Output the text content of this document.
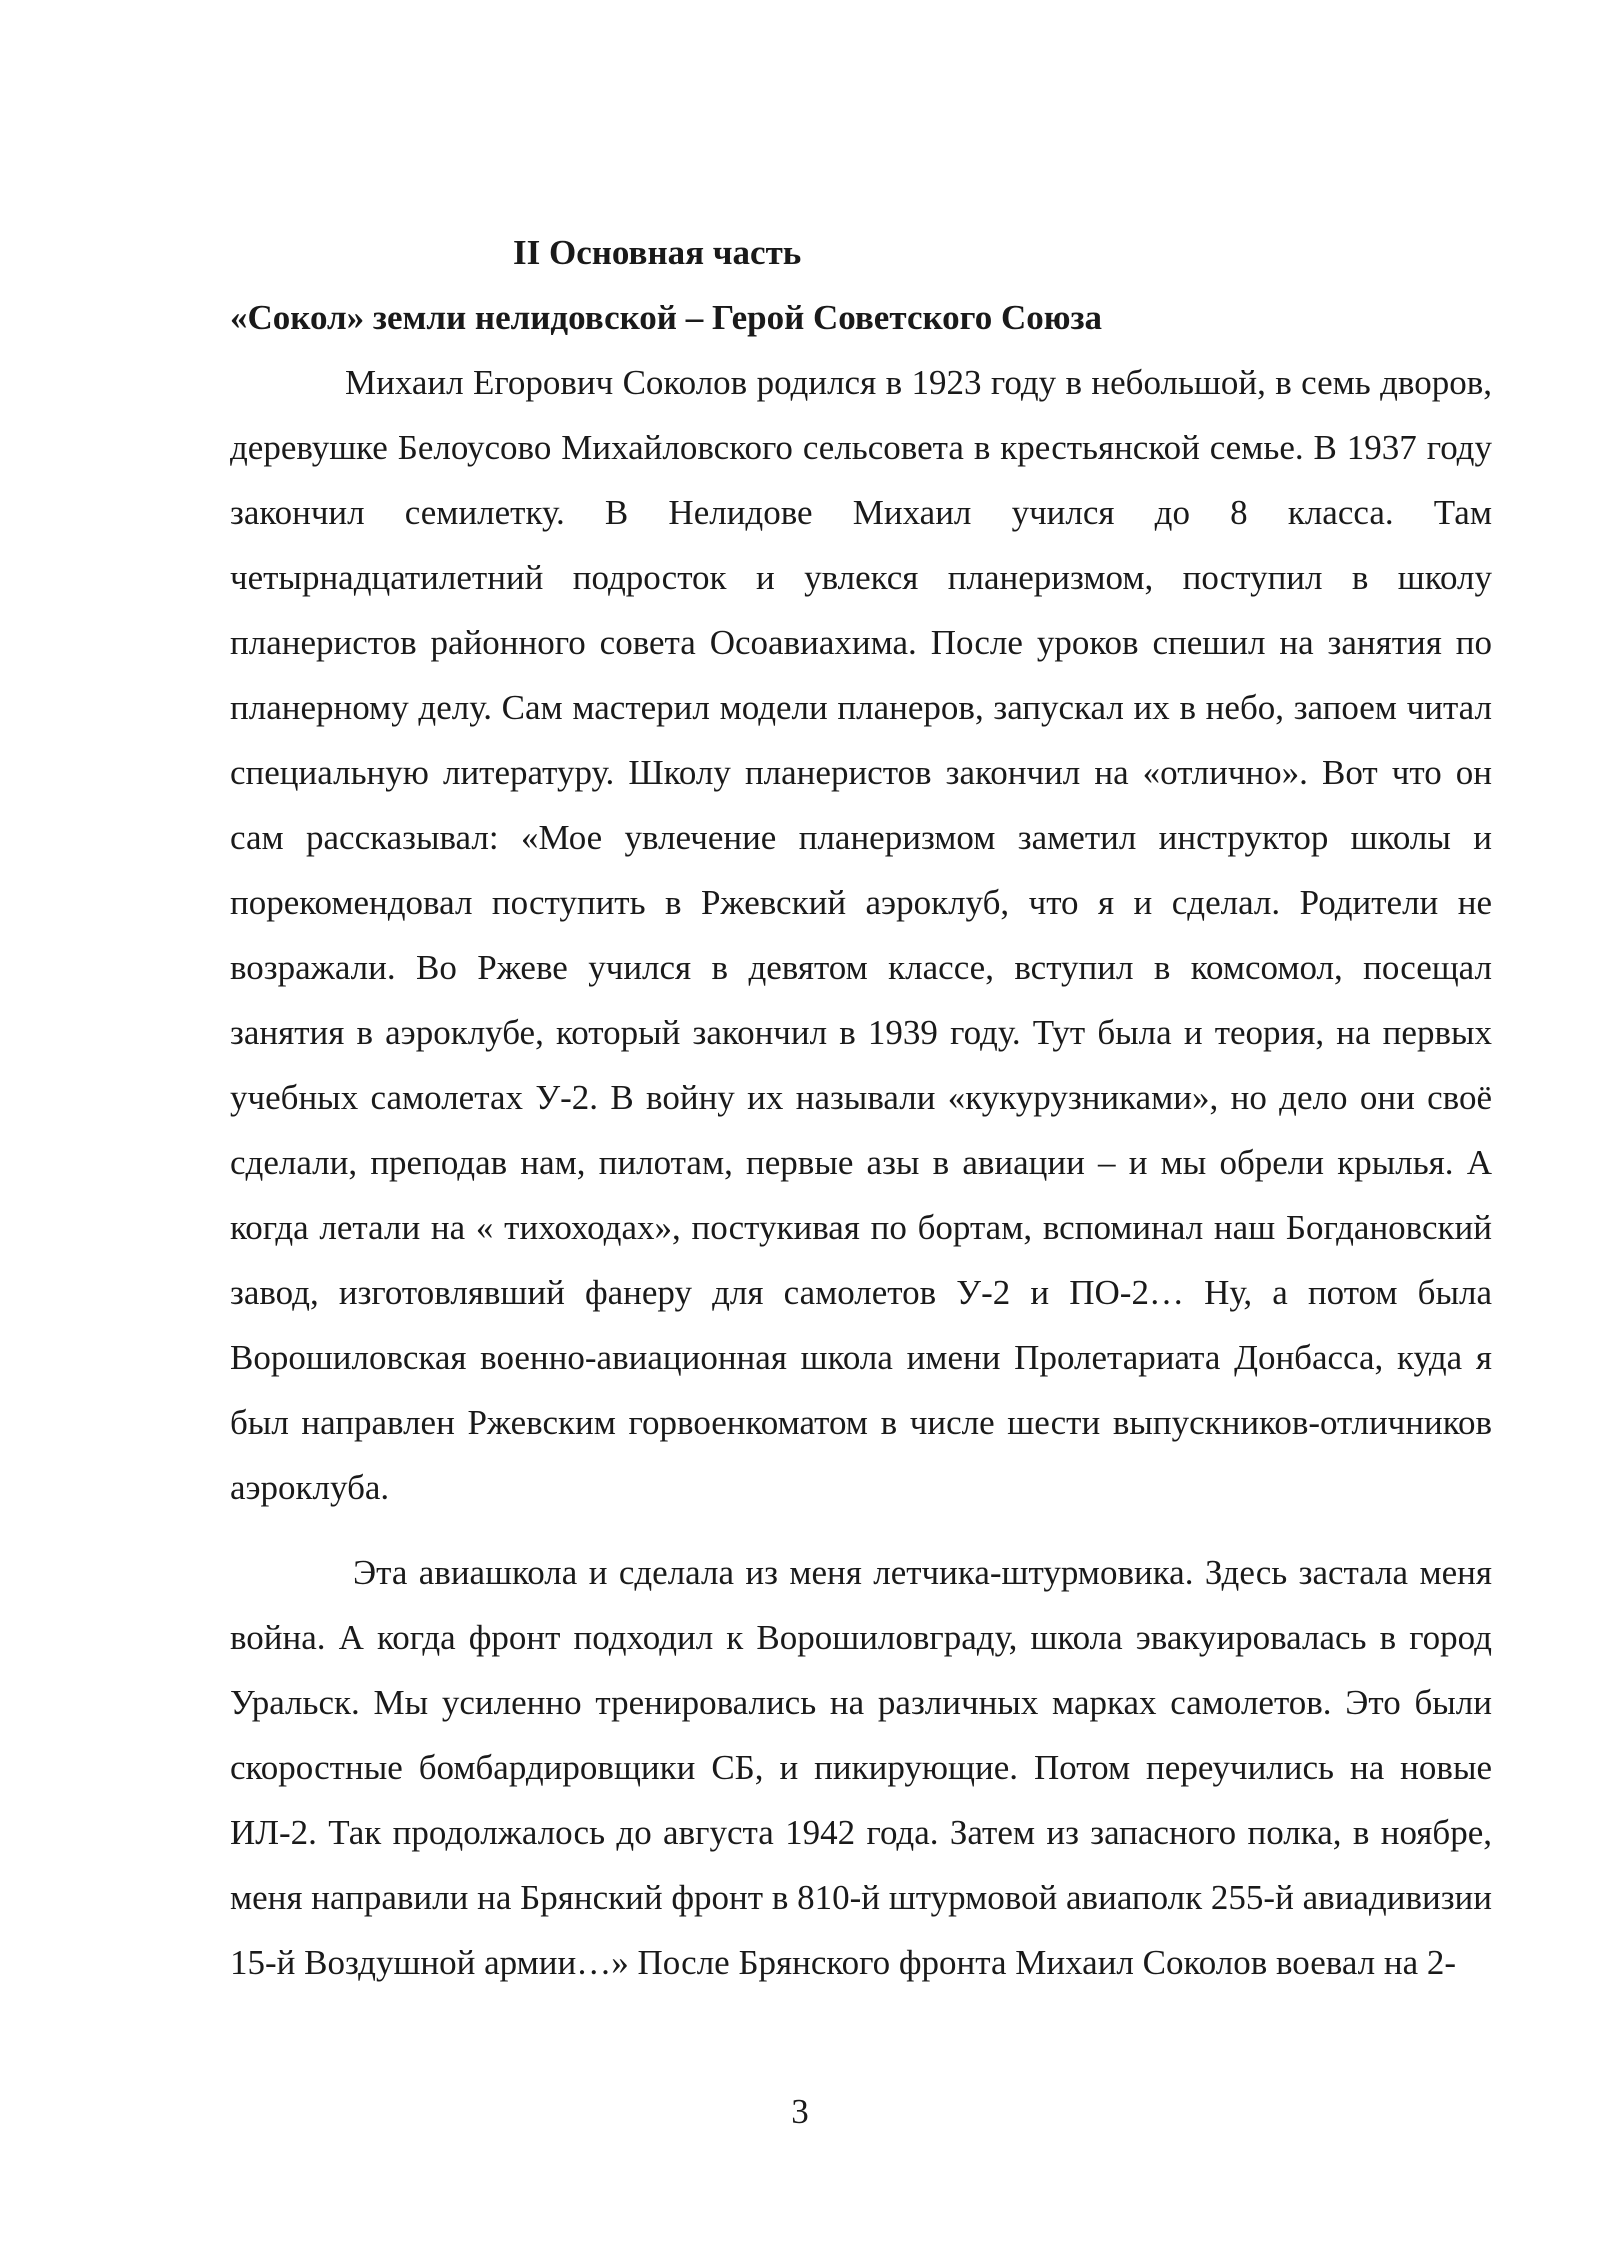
II Основная часть
«Сокол» земли нелидовской – Герой Советского Союза

Михаил Егорович Соколов родился в 1923 году в небольшой, в семь дворов, деревушке Белоусово Михайловского сельсовета в крестьянской семье. В 1937 году закончил семилетку. В Нелидове Михаил учился до 8 класса. Там четырнадцатилетний подросток и увлекся планеризмом, поступил в школу планеристов районного совета Осоавиахима. После уроков спешил на занятия по планерному делу. Сам мастерил модели планеров, запускал их в небо, запоем читал специальную литературу. Школу планеристов закончил на «отлично». Вот что он сам рассказывал: «Мое увлечение планеризмом заметил инструктор школы и порекомендовал поступить в Ржевский аэроклуб, что я и сделал. Родители не возражали. Во Ржеве учился в девятом классе, вступил в комсомол, посещал занятия в аэроклубе, который закончил в 1939 году. Тут была и теория, на первых учебных самолетах У-2. В войну их называли «кукурузниками», но дело они своё сделали, преподав нам, пилотам, первые азы в авиации – и мы обрели крылья. А когда летали на « тихоходах», постукивая по бортам, вспоминал наш Богдановский завод, изготовлявший фанеру для самолетов У-2 и ПО-2… Ну, а потом была Ворошиловская военно-авиационная школа имени Пролетариата Донбасса, куда я был направлен Ржевским горвоенкоматом в числе шести выпускников-отличников аэроклуба.

Эта авиашкола и сделала из меня летчика-штурмовика. Здесь застала меня война. А когда фронт подходил к Ворошиловграду, школа эвакуировалась в город Уральск. Мы усиленно тренировались на различных марках самолетов. Это были скоростные бомбардировщики СБ, и пикирующие. Потом переучились на новые ИЛ-2. Так продолжалось до августа 1942 года. Затем из запасного полка, в ноябре, меня направили на Брянский фронт в 810-й штурмовой авиаполк 255-й авиадивизии 15-й Воздушной армии…» После Брянского фронта Михаил Соколов воевал на 2-

3
